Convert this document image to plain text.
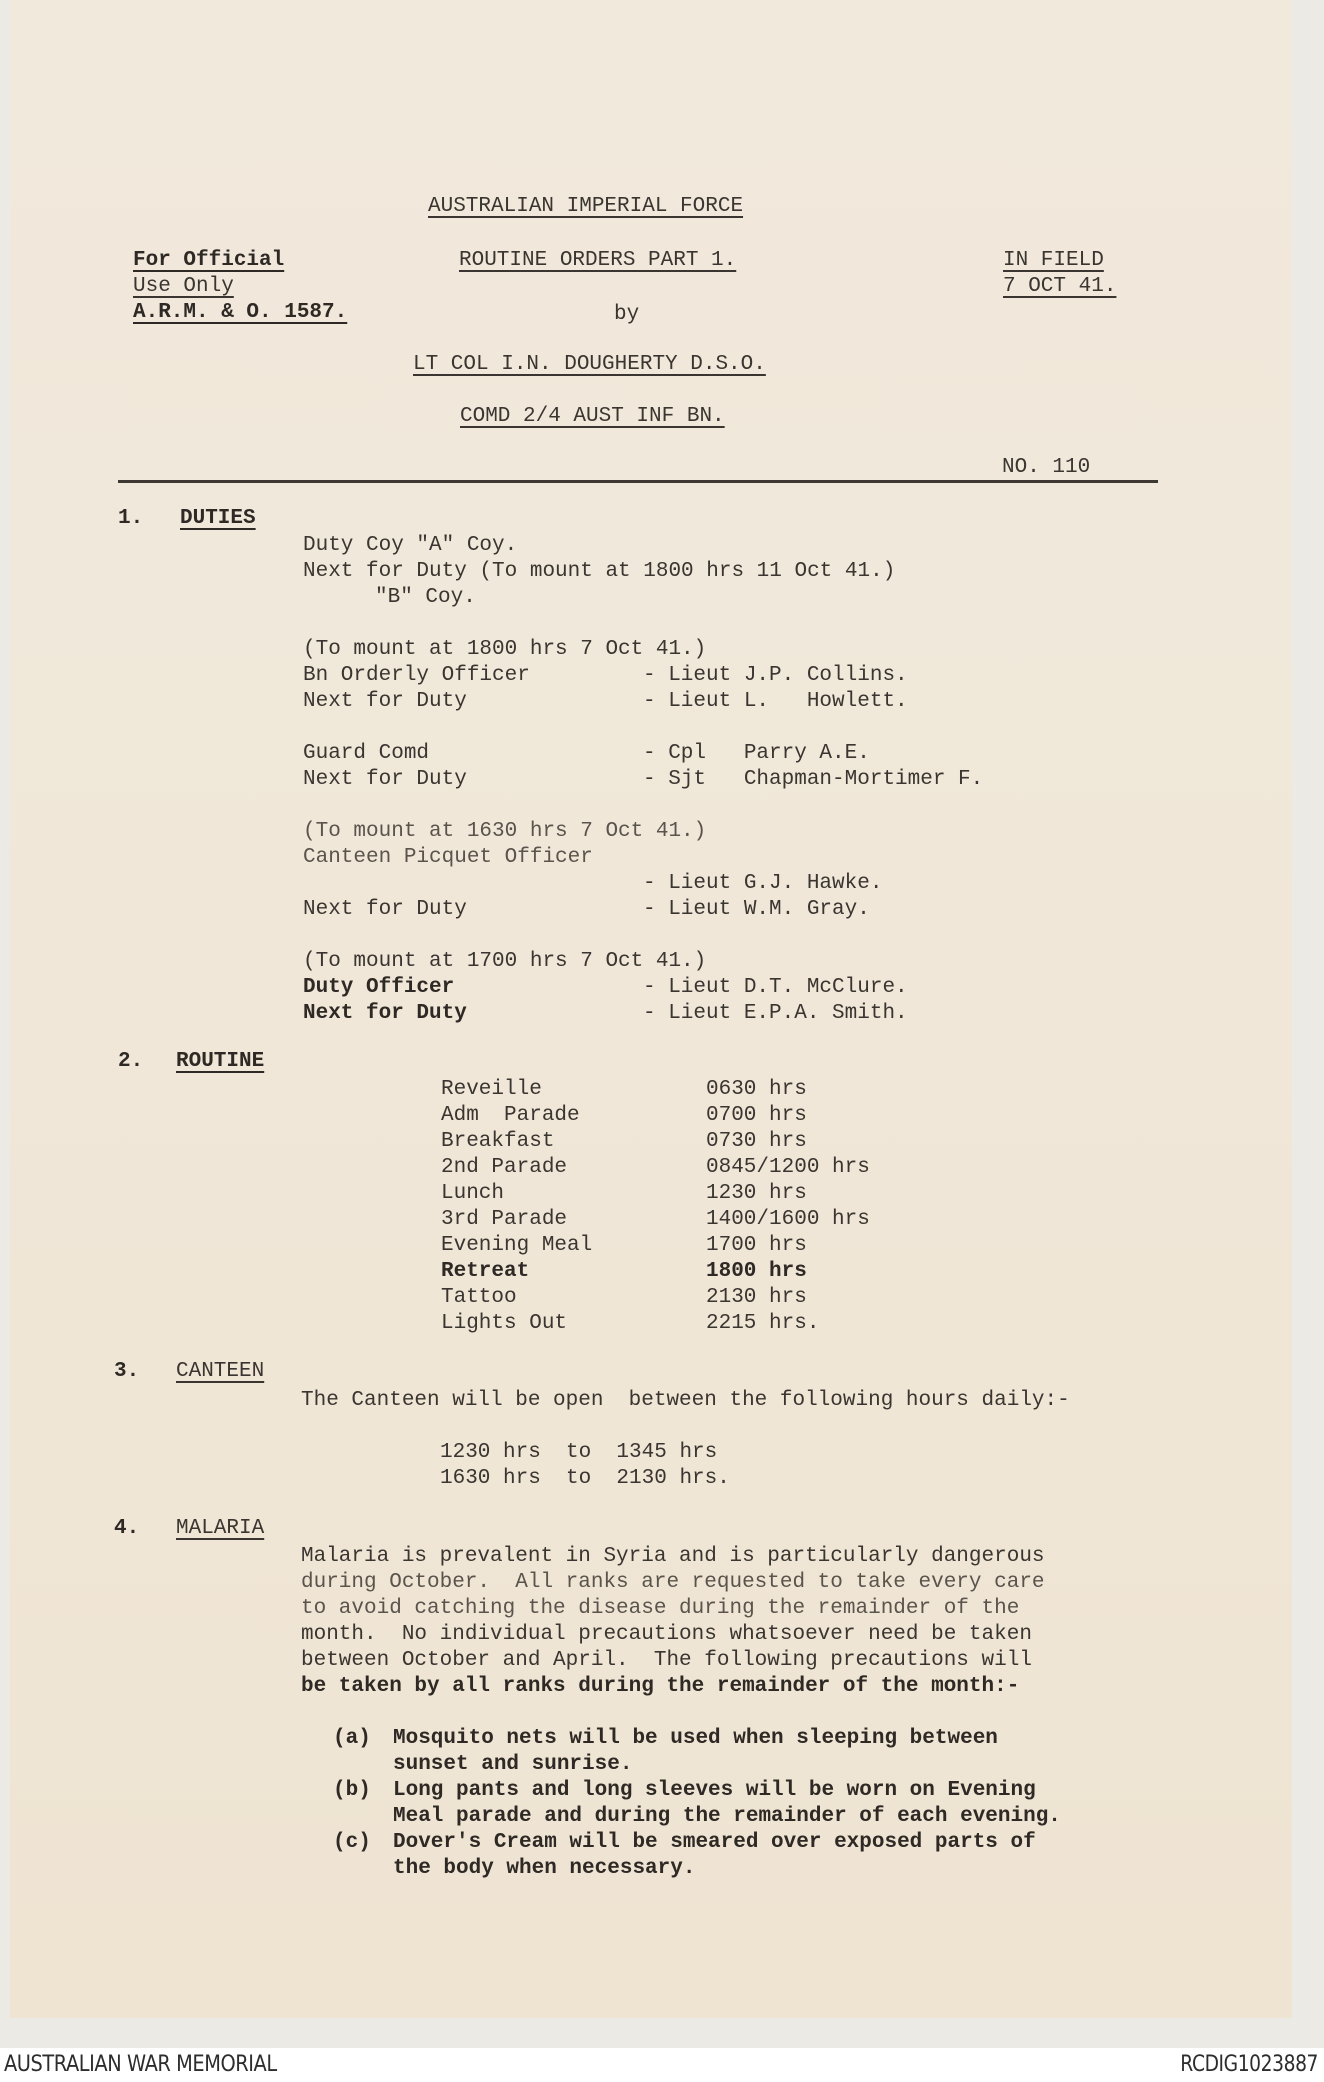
AUSTRALIAN IMPERIAL FORCE
For Official
Use Only
A.R.M. & O. 1587.
ROUTINE ORDERS PART 1.
by
IN FIELD
7 OCT 41.
LT COL I.N. DOUGHERTY D.S.O.
COMD 2/4 AUST INF BN.
NO. 110
1. DUTIES
Duty Coy "A" Coy.
Next for Duty (To mount at 1800 hrs 11 Oct 41.)
"B" Coy.
(To mount at 1800 hrs 7 Oct 41.)
Bn Orderly Officer	- Lieut J.P. Collins.
Next for Duty	- Lieut L.   Howlett.
Guard Comd	- Cpl   Parry A.E.
Next for Duty	- Sjt   Chapman-Mortimer F.
(To mount at 1630 hrs 7 Oct 41.)
Canteen Picquet Officer
- Lieut G.J. Hawke.
Next for Duty	- Lieut W.M. Gray.
(To mount at 1700 hrs 7 Oct 41.)
Duty Officer	- Lieut D.T. McClure.
Next for Duty	- Lieut E.P.A. Smith.
2. ROUTINE
Reveille	0630 hrs
Adm  Parade	0700 hrs
Breakfast	0730 hrs
2nd Parade	0845/1200 hrs
Lunch	1230 hrs
3rd Parade	1400/1600 hrs
Evening Meal	1700 hrs
Retreat	1800 hrs
Tattoo	2130 hrs
Lights Out	2215 hrs.
3. CANTEEN
The Canteen will be open  between the following hours daily:-
1230 hrs  to  1345 hrs
1630 hrs  to  2130 hrs.
4. MALARIA
Malaria is prevalent in Syria and is particularly dangerous
during October.  All ranks are requested to take every care
to avoid catching the disease during the remainder of the
month.  No individual precautions whatsoever need be taken
between October and April.  The following precautions will
be taken by all ranks during the remainder of the month:-
(a) Mosquito nets will be used when sleeping between
sunset and sunrise.
(b) Long pants and long sleeves will be worn on Evening
Meal parade and during the remainder of each evening.
(c) Dover's Cream will be smeared over exposed parts of
the body when necessary.
AUSTRALIAN WAR MEMORIAL	RCDIG1023887
